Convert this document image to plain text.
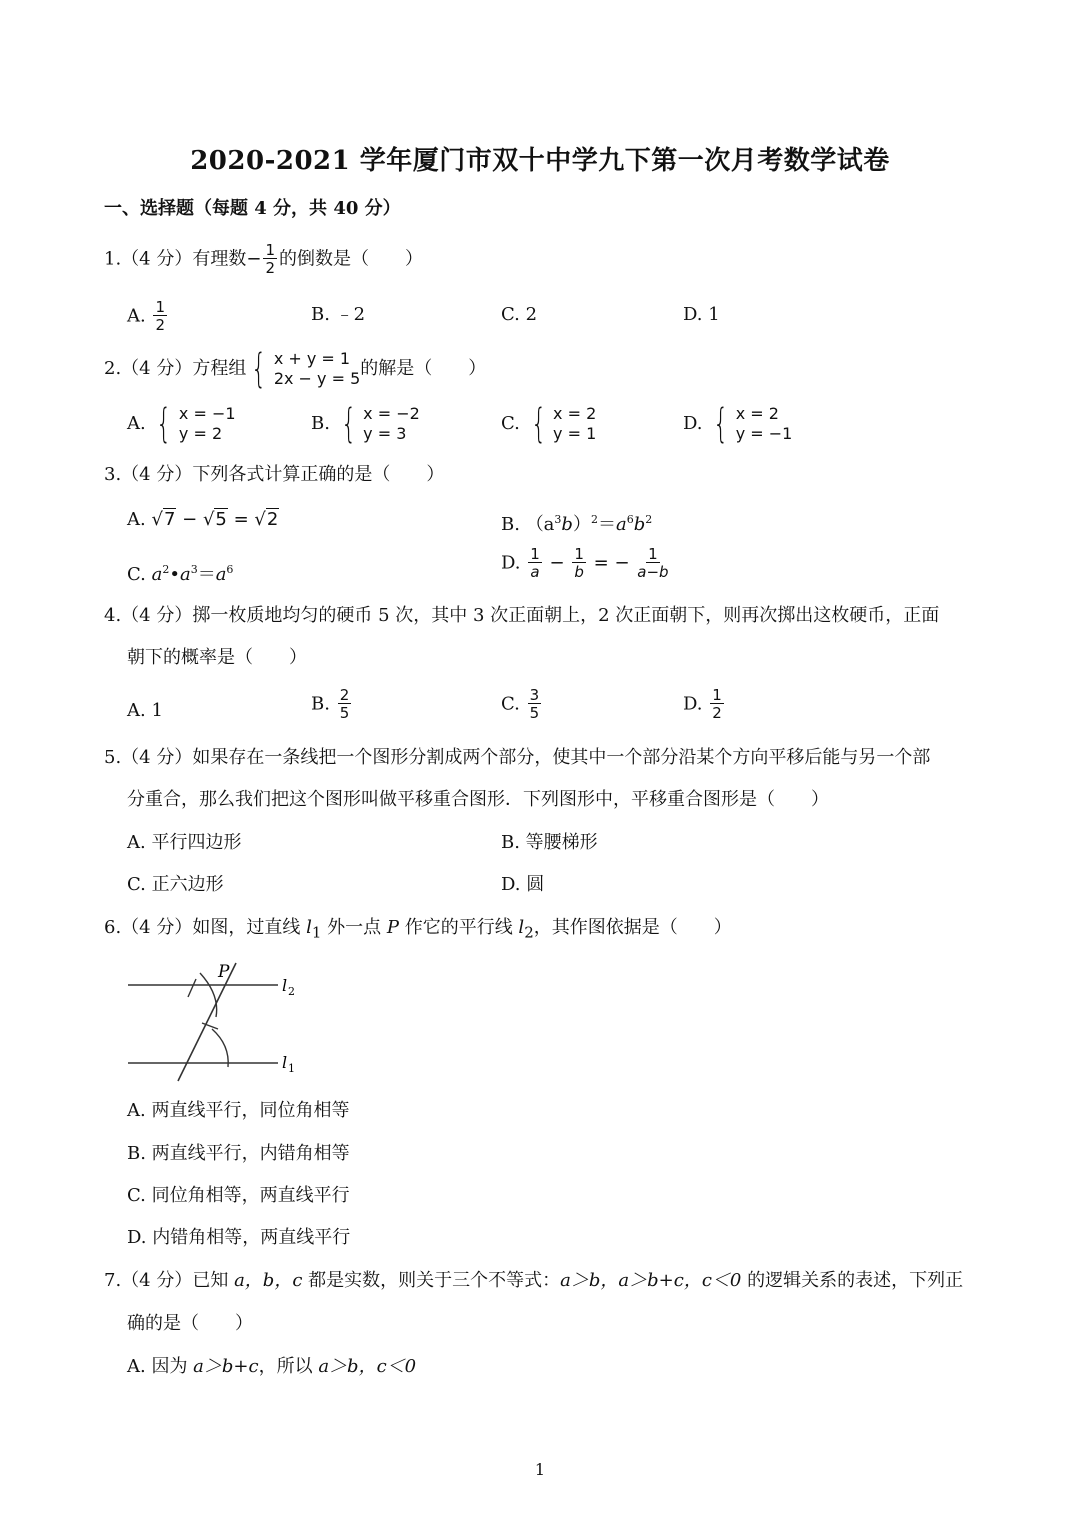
2020-2021 学年厦门市双十中学九下第一次月考数学试卷
一、选择题（每题 4 分，共 40 分）
1.（4 分）有理数− $\frac{1}{2}$ 的倒数是（　　）
A. $\frac{1}{2}$	B. ﹣2	C. 2	D. 1
2.（4 分）方程组 { x + y = 1
2x − y = 5 的解是（　　）
A. { x = −1
y = 2	B. { x = −2
y = 3	C. { x = 2
y = 1	D. { x = 2
y = −1
3.（4 分）下列各式计算正确的是（　　）
A. √7 − √5 = √2	B. $(a^3b)^2=a^6b^2$
C. $a^2•a^3=a^6$	D. $\frac{1}{a} - \frac{1}{b}$ = − $\frac{1}{a-b}$
4.（4 分）掷一枚质地均匀的硬币 5 次，其中 3 次正面朝上，2 次正面朝下，则再次掷出这枚硬币，正面
朝下的概率是（　　）
A. 1	B. $\frac{2}{5}$	C. $\frac{3}{5}$	D. $\frac{1}{2}$
5.（4 分）如果存在一条线把一个图形分割成两个部分，使其中一个部分沿某个方向平移后能与另一个部
分重合，那么我们把这个图形叫做平移重合图形．下列图形中，平移重合图形是（　　）
A. 平行四边形	B. 等腰梯形
C. 正六边形	D. 圆
6.（4 分）如图，过直线 $l_1$ 外一点 P 作它的平行线 $l_2$，其作图依据是（　　）
P
l 2
l 1
A. 两直线平行，同位角相等
B. 两直线平行，内错角相等
C. 同位角相等，两直线平行
D. 内错角相等，两直线平行
7.（4 分）已知 a，b，c 都是实数，则关于三个不等式：a＞b，a＞b+c，c＜0 的逻辑关系的表述，下列正
确的是（　　）
A. 因为 a＞b+c，所以 a＞b，c＜0
1
